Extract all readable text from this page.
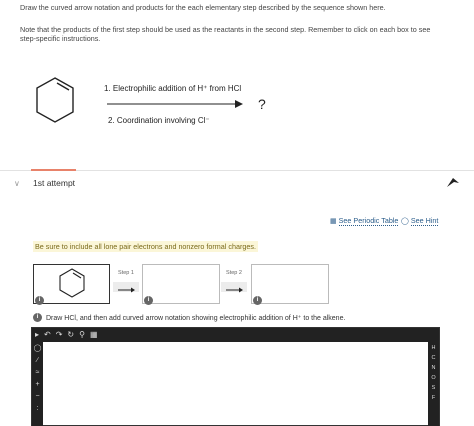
Draw the curved arrow notation and products for the each elementary step described by the sequence shown here.
Note that the products of the first step should be used as the reactants in the second step. Remember to click on each box to see step-specific instructions.
1. Electrophilic addition of H⁺ from HCl
2. Coordination involving Cl⁻
?
∨ 1st attempt
▦ See Periodic Table ◯ See Hint
Be sure to include all lone pair electrons and nonzero formal charges.
Step 1	Step 2
i	i	i
i	Draw HCl, and then add curved arrow notation showing electrophilic addition of H⁺ to the alkene.
▸ ↶ ↷ ↻ ⚲ ▦
◯
∕
≈
+
−
:
H
C
N
O
S
F
